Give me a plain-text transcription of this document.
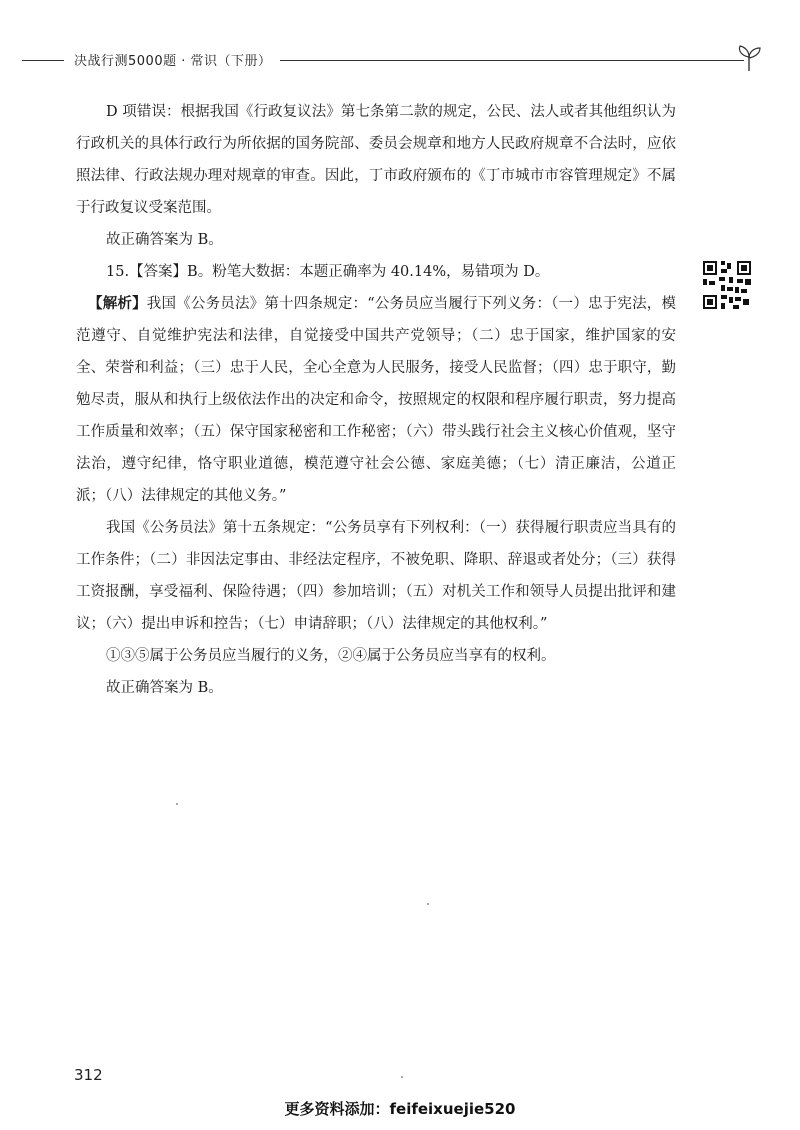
决战行测5000题 · 常识（下册）

D 项错误：根据我国《行政复议法》第七条第二款的规定，公民、法人或者其他组织认为行政机关的具体行政行为所依据的国务院部、委员会规章和地方人民政府规章不合法时，应依照法律、行政法规办理对规章的审查。因此，丁市政府颁布的《丁市城市市容管理规定》不属于行政复议受案范围。

故正确答案为 B。

15.【答案】B。粉笔大数据：本题正确率为 40.14%，易错项为 D。

【解析】我国《公务员法》第十四条规定：“公务员应当履行下列义务：（一）忠于宪法，模范遵守、自觉维护宪法和法律，自觉接受中国共产党领导；（二）忠于国家，维护国家的安全、荣誉和利益；（三）忠于人民，全心全意为人民服务，接受人民监督；（四）忠于职守，勤勉尽责，服从和执行上级依法作出的决定和命令，按照规定的权限和程序履行职责，努力提高工作质量和效率；（五）保守国家秘密和工作秘密；（六）带头践行社会主义核心价值观，坚守法治，遵守纪律，恪守职业道德，模范遵守社会公德、家庭美德；（七）清正廉洁，公道正派；（八）法律规定的其他义务。”

我国《公务员法》第十五条规定：“公务员享有下列权利：（一）获得履行职责应当具有的工作条件；（二）非因法定事由、非经法定程序，不被免职、降职、辞退或者处分；（三）获得工资报酬，享受福利、保险待遇；（四）参加培训；（五）对机关工作和领导人员提出批评和建议；（六）提出申诉和控告；（七）申请辞职；（八）法律规定的其他权利。”

①③⑤属于公务员应当履行的义务，②④属于公务员应当享有的权利。

故正确答案为 B。

312
更多资料添加：feifeixuejie520
